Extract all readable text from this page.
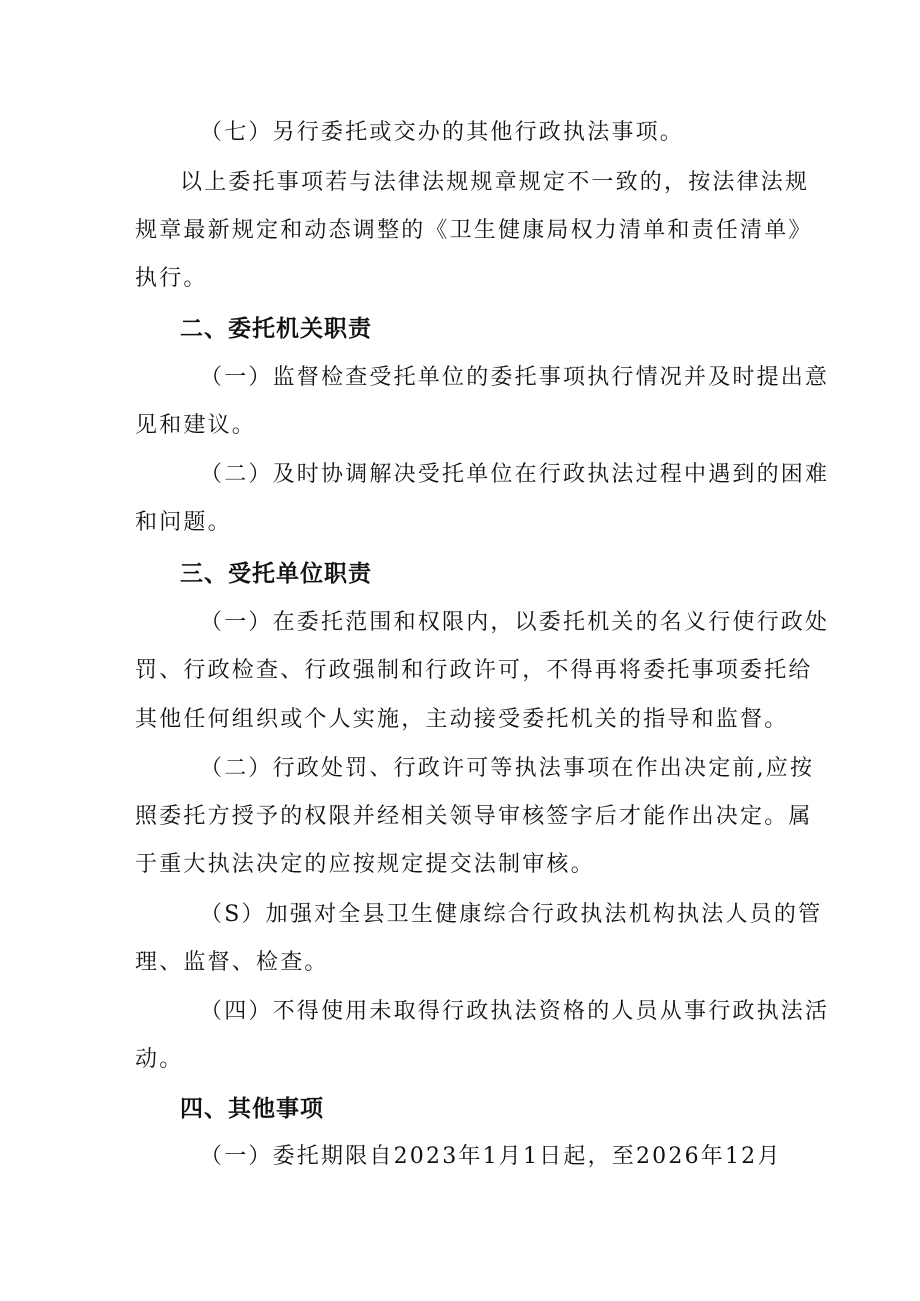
（七）另行委托或交办的其他行政执法事项。
以上委托事项若与法律法规规章规定不一致的，按法律法规
规章最新规定和动态调整的《卫生健康局权力清单和责任清单》
执行。
二、委托机关职责
（一）监督检查受托单位的委托事项执行情况并及时提出意
见和建议。
（二）及时协调解决受托单位在行政执法过程中遇到的困难
和问题。
三、受托单位职责
（一）在委托范围和权限内，以委托机关的名义行使行政处
罚、行政检查、行政强制和行政许可，不得再将委托事项委托给
其他任何组织或个人实施，主动接受委托机关的指导和监督。
（二）行政处罚、行政许可等执法事项在作出决定前,应按
照委托方授予的权限并经相关领导审核签字后才能作出决定。属
于重大执法决定的应按规定提交法制审核。
（S）加强对全县卫生健康综合行政执法机构执法人员的管
理、监督、检查。
（四）不得使用未取得行政执法资格的人员从事行政执法活
动。
四、其他事项
（一）委托期限自2023年1月1日起，至2026年12月
